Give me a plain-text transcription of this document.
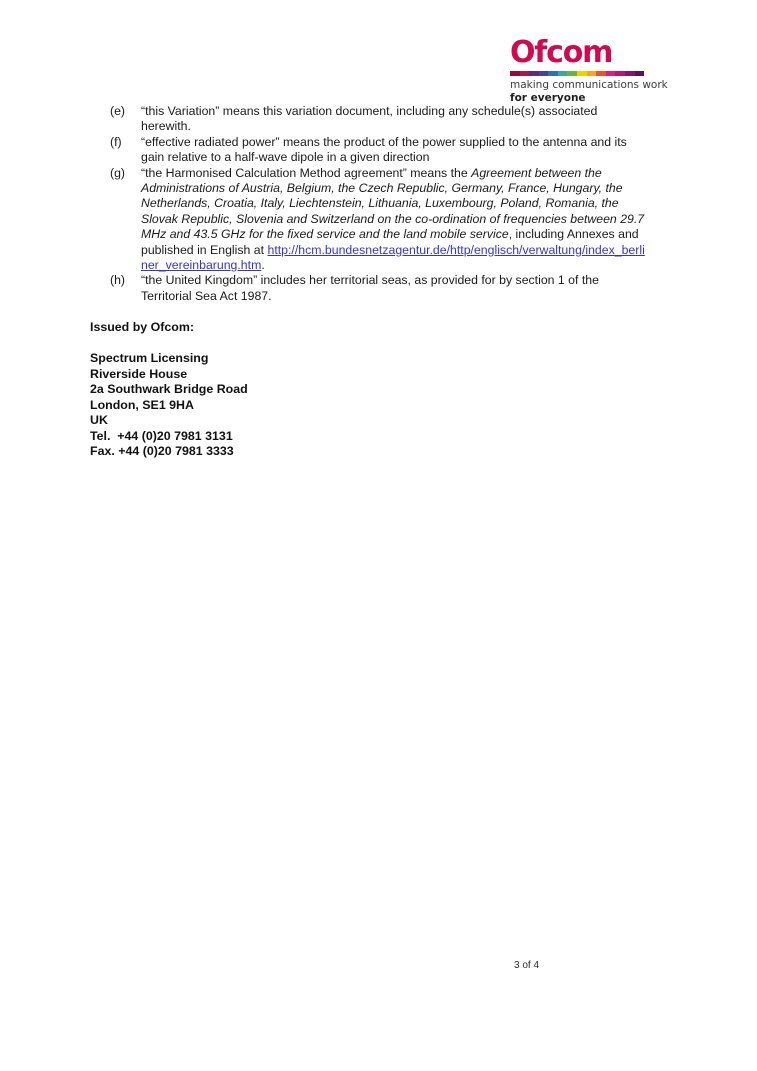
Ofcom
making communications work
for everyone
(e)	“this Variation” means this variation document, including any schedule(s) associated herewith.
(f)	“effective radiated power” means the product of the power supplied to the antenna and its gain relative to a half-wave dipole in a given direction
(g)	“the Harmonised Calculation Method agreement” means the Agreement between the Administrations of Austria, Belgium, the Czech Republic, Germany, France, Hungary, the Netherlands, Croatia, Italy, Liechtenstein, Lithuania, Luxembourg, Poland, Romania, the Slovak Republic, Slovenia and Switzerland on the co-ordination of frequencies between 29.7 MHz and 43.5 GHz for the fixed service and the land mobile service, including Annexes and published in English at http://hcm.bundesnetzagentur.de/http/englisch/verwaltung/index_berliner_vereinbarung.htm.
(h)	“the United Kingdom” includes her territorial seas, as provided for by section 1 of the Territorial Sea Act 1987.
Issued by Ofcom:
Spectrum Licensing
Riverside House
2a Southwark Bridge Road
London, SE1 9HA
UK
Tel.  +44 (0)20 7981 3131
Fax. +44 (0)20 7981 3333
3 of 4
